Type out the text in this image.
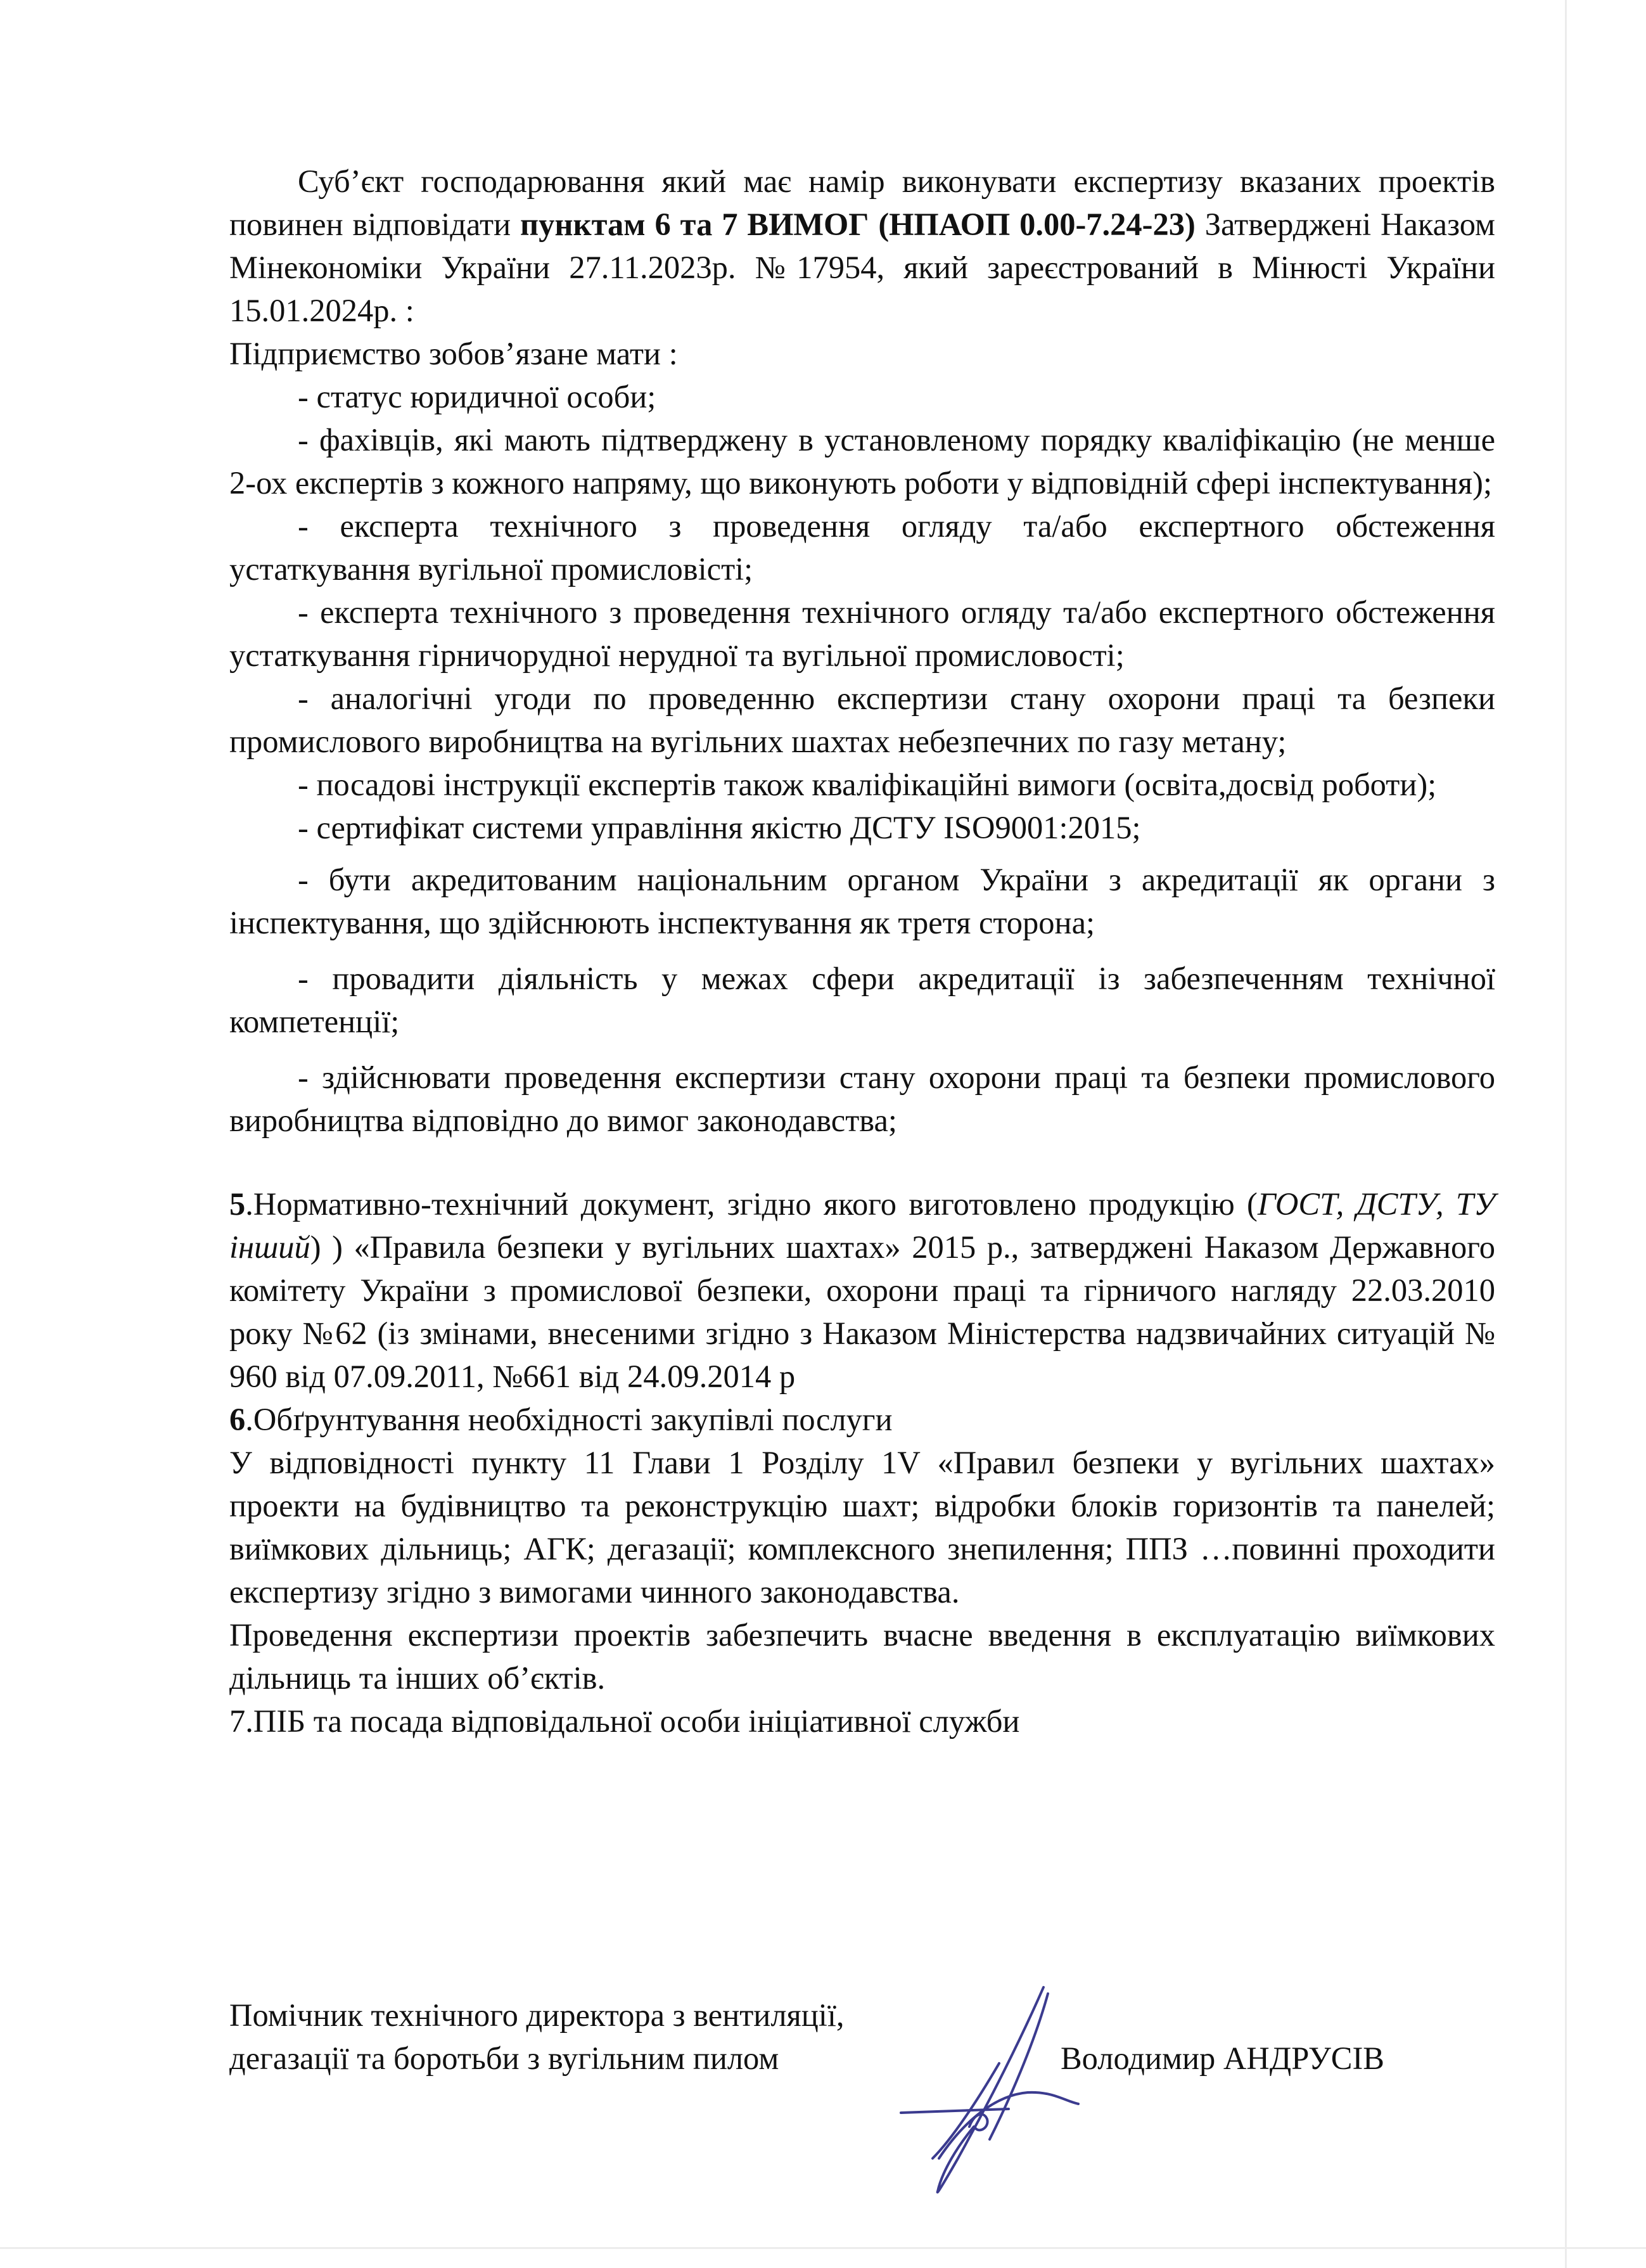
Суб’єкт господарювання який має намір виконувати експертизу вказаних проектів повинен відповідати пунктам 6 та 7 ВИМОГ (НПАОП 0.00-7.24-23) Затверджені Наказом Мінекономіки України 27.11.2023р. №17954, який зареєстрований в Мінюсті України 15.01.2024р. :

Підприємство зобов’язане мати :

- статус юридичної особи;

- фахівців, які мають підтверджену в установленому порядку кваліфікацію (не менше 2-ох експертів з кожного напряму, що виконують роботи у відповідній сфері інспектування);

- експерта технічного з проведення огляду та/або експертного обстеження устаткування вугільної промисловісті;

- експерта технічного з проведення технічного огляду та/або експертного обстеження устаткування гірничорудної нерудної та вугільної промисловості;

- аналогічні угоди по проведенню експертизи стану охорони праці та безпеки промислового виробництва на вугільних шахтах небезпечних по газу метану;

- посадові інструкції експертів також кваліфікаційні вимоги (освіта,досвід роботи);

- сертифікат системи управління якістю ДСТУ ISO9001:2015;

- бути акредитованим національним органом України з акредитації як органи з інспектування, що здійснюють інспектування як третя сторона;

- провадити діяльність у межах сфери акредитації із забезпеченням технічної компетенції;

- здійснювати проведення експертизи стану охорони праці та безпеки промислового виробництва відповідно до вимог законодавства;

5.Нормативно-технічний документ, згідно якого виготовлено продукцію (ГОСТ, ДСТУ, ТУ інший) ) «Правила безпеки у вугільних шахтах» 2015 р., затверджені Наказом Державного комітету України з промислової безпеки, охорони праці та гірничого нагляду 22.03.2010 року №62 (із змінами, внесеними згідно з Наказом Міністерства надзвичайних ситуацій № 960 від 07.09.2011, №661 від 24.09.2014 р

6.Обґрунтування необхідності закупівлі послуги

У відповідності пункту 11 Глави 1 Розділу 1V «Правил безпеки у вугільних шахтах» проекти на будівництво та реконструкцію шахт; відробки блоків горизонтів та панелей; виїмкових дільниць; АГК; дегазації; комплексного знепилення; ППЗ …повинні проходити експертизу згідно з вимогами чинного законодавства.

Проведення експертизи проектів забезпечить вчасне введення в експлуатацію виїмкових дільниць та інших об’єктів.

7.ПІБ та посада відповідальної особи ініціативної служби

Помічник технічного директора з вентиляції,
дегазації та боротьби з вугільним пилом	Володимир АНДРУСІВ
